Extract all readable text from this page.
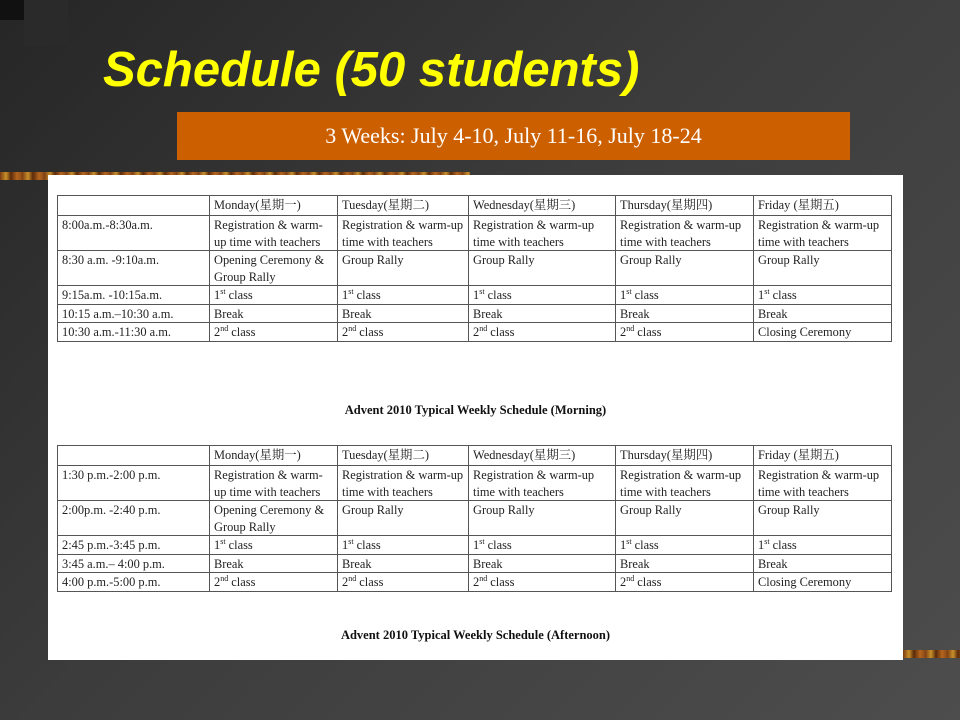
Schedule (50 students)
3 Weeks: July 4-10, July 11-16, July 18-24
	Monday(星期一)	Tuesday(星期二)	Wednesday(星期三)	Thursday(星期四)	Friday (星期五)
8:00a.m.-8:30a.m.	Registration & warm-up time with teachers	Registration & warm-up time with teachers	Registration & warm-up time with teachers	Registration & warm-up time with teachers	Registration & warm-up time with teachers
8:30 a.m. -9:10a.m.	Opening Ceremony & Group Rally	Group Rally	Group Rally	Group Rally	Group Rally
9:15a.m. -10:15a.m.	1st class	1st class	1st class	1st class	1st class
10:15 a.m.–10:30 a.m.	Break	Break	Break	Break	Break
10:30 a.m.-11:30 a.m.	2nd class	2nd class	2nd class	2nd class	Closing Ceremony
Advent 2010 Typical Weekly Schedule (Morning)
	Monday(星期一)	Tuesday(星期二)	Wednesday(星期三)	Thursday(星期四)	Friday (星期五)
1:30 p.m.-2:00 p.m.	Registration & warm-up time with teachers	Registration & warm-up time with teachers	Registration & warm-up time with teachers	Registration & warm-up time with teachers	Registration & warm-up time with teachers
2:00p.m. -2:40 p.m.	Opening Ceremony & Group Rally	Group Rally	Group Rally	Group Rally	Group Rally
2:45 p.m.-3:45 p.m.	1st class	1st class	1st class	1st class	1st class
3:45 a.m.– 4:00 p.m.	Break	Break	Break	Break	Break
4:00 p.m.-5:00 p.m.	2nd class	2nd class	2nd class	2nd class	Closing Ceremony
Advent 2010 Typical Weekly Schedule (Afternoon)
